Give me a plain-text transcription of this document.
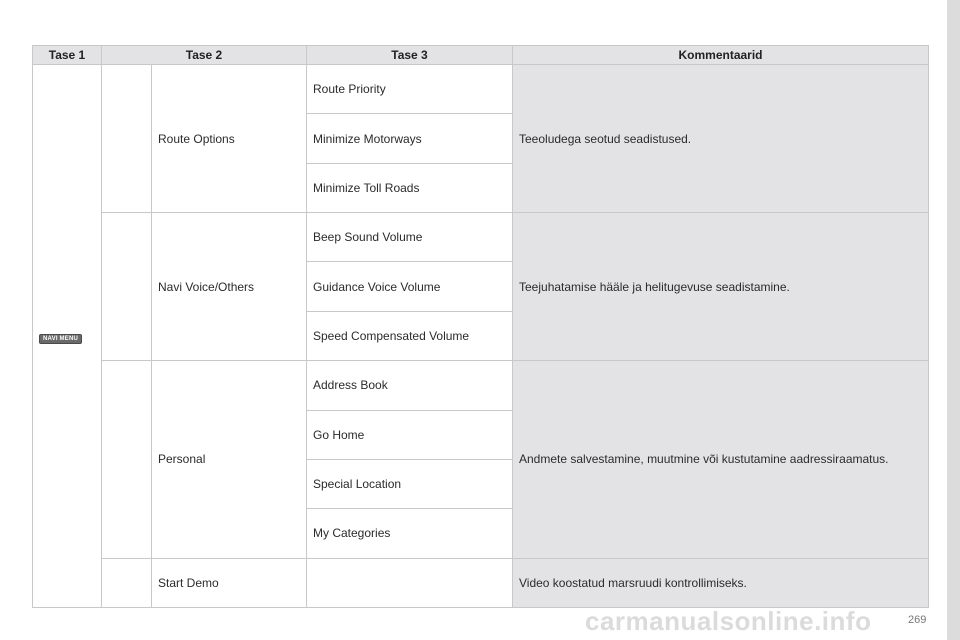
Tase 1	Tase 2		Tase 3	Kommentaarid
NAVI MENU		Route Options	Route Priority	Teeoludega seotud seadistused.
			Minimize Motorways	
			Minimize Toll Roads	
		Navi Voice/Others	Beep Sound Volume	Teejuhatamise hääle ja helitugevuse seadistamine.
			Guidance Voice Volume	
			Speed Compensated Volume	
		Personal	Address Book	Andmete salvestamine, muutmine või kustutamine aadressiraamatus.
			Go Home	
			Special Location	
			My Categories	
		Start Demo		Video koostatud marsruudi kontrollimiseks.
carmanualsonline.info	269
